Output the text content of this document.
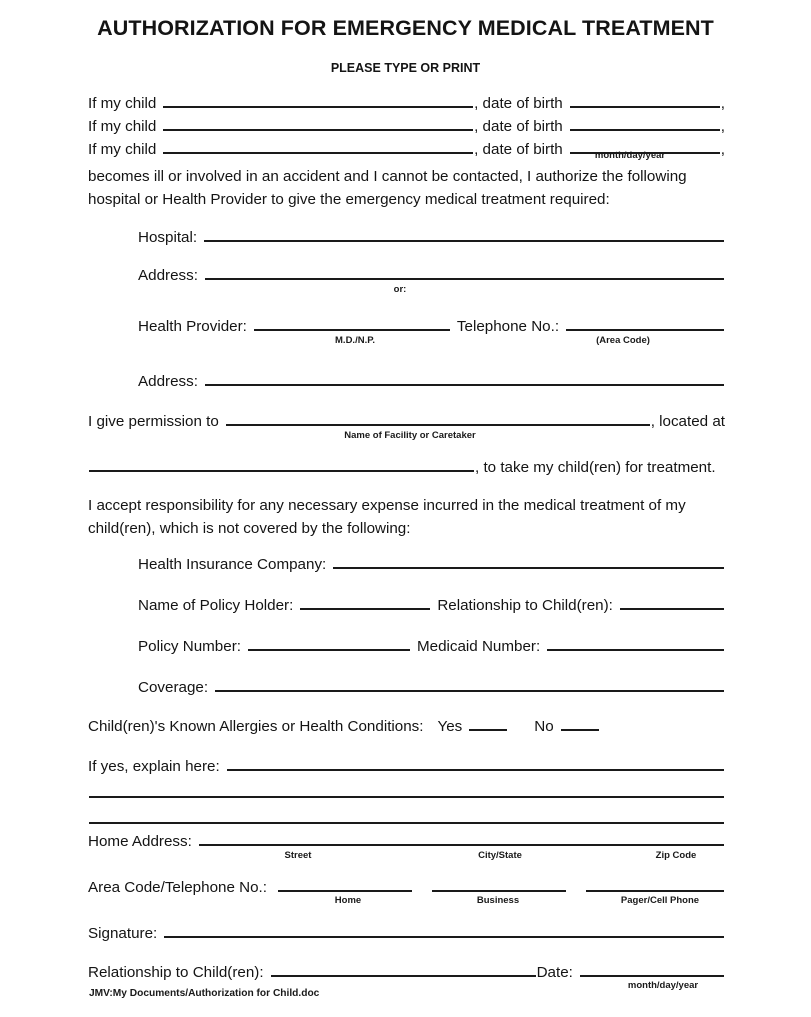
AUTHORIZATION FOR EMERGENCY MEDICAL TREATMENT
PLEASE TYPE OR PRINT
If my child	, date of birth	,
If my child	, date of birth	,
If my child	, date of birth	,
month/day/year
becomes ill or involved in an accident and I cannot be contacted, I authorize the following
hospital or Health Provider to give the emergency medical treatment required:
Hospital:
Address:
or:
Health Provider:	Telephone No.:
M.D./N.P.	(Area Code)
Address:
I give permission to	, located at
Name of Facility or Caretaker
, to take my child(ren) for treatment.
I accept responsibility for any necessary expense incurred in the medical treatment of my
child(ren), which is not covered by the following:
Health Insurance Company:
Name of Policy Holder:	Relationship to Child(ren):
Policy Number:	Medicaid Number:
Coverage:
Child(ren)'s Known Allergies or Health Conditions: Yes	No
If yes, explain here:
Home Address:
Street	City/State	Zip Code
Area Code/Telephone No.:
Home	Business	Pager/Cell Phone
Signature:
Relationship to Child(ren):	Date:
month/day/year
JMV:My Documents/Authorization for Child.doc
